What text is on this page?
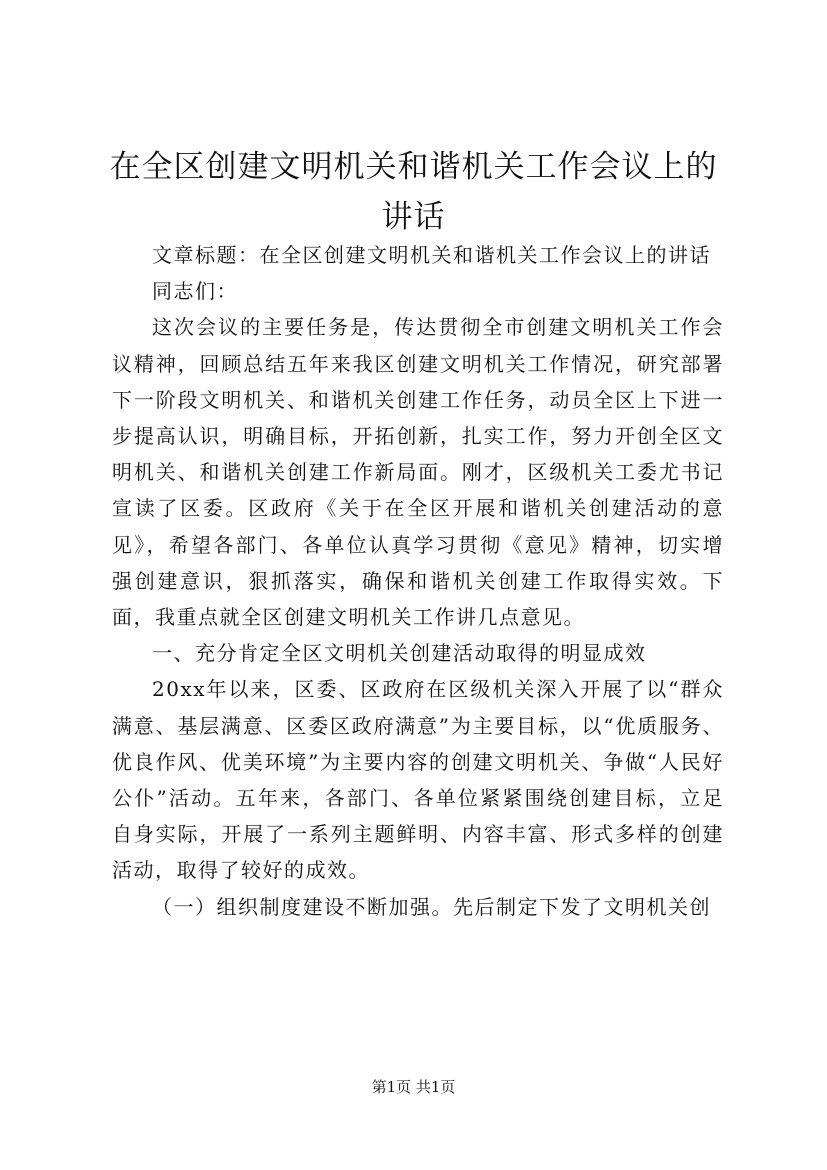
在全区创建文明机关和谐机关工作会议上的讲话

文章标题：在全区创建文明机关和谐机关工作会议上的讲话

同志们：

这次会议的主要任务是，传达贯彻全市创建文明机关工作会议精神，回顾总结五年来我区创建文明机关工作情况，研究部署下一阶段文明机关、和谐机关创建工作任务，动员全区上下进一步提高认识，明确目标，开拓创新，扎实工作，努力开创全区文明机关、和谐机关创建工作新局面。刚才，区级机关工委尤书记宣读了区委。区政府《关于在全区开展和谐机关创建活动的意见》，希望各部门、各单位认真学习贯彻《意见》精神，切实增强创建意识，狠抓落实，确保和谐机关创建工作取得实效。下面，我重点就全区创建文明机关工作讲几点意见。

一、充分肯定全区文明机关创建活动取得的明显成效

20xx年以来，区委、区政府在区级机关深入开展了以“群众满意、基层满意、区委区政府满意”为主要目标，以“优质服务、优良作风、优美环境”为主要内容的创建文明机关、争做“人民好公仆”活动。五年来，各部门、各单位紧紧围绕创建目标，立足自身实际，开展了一系列主题鲜明、内容丰富、形式多样的创建活动，取得了较好的成效。

（一）组织制度建设不断加强。先后制定下发了文明机关创

第1页 共1页
